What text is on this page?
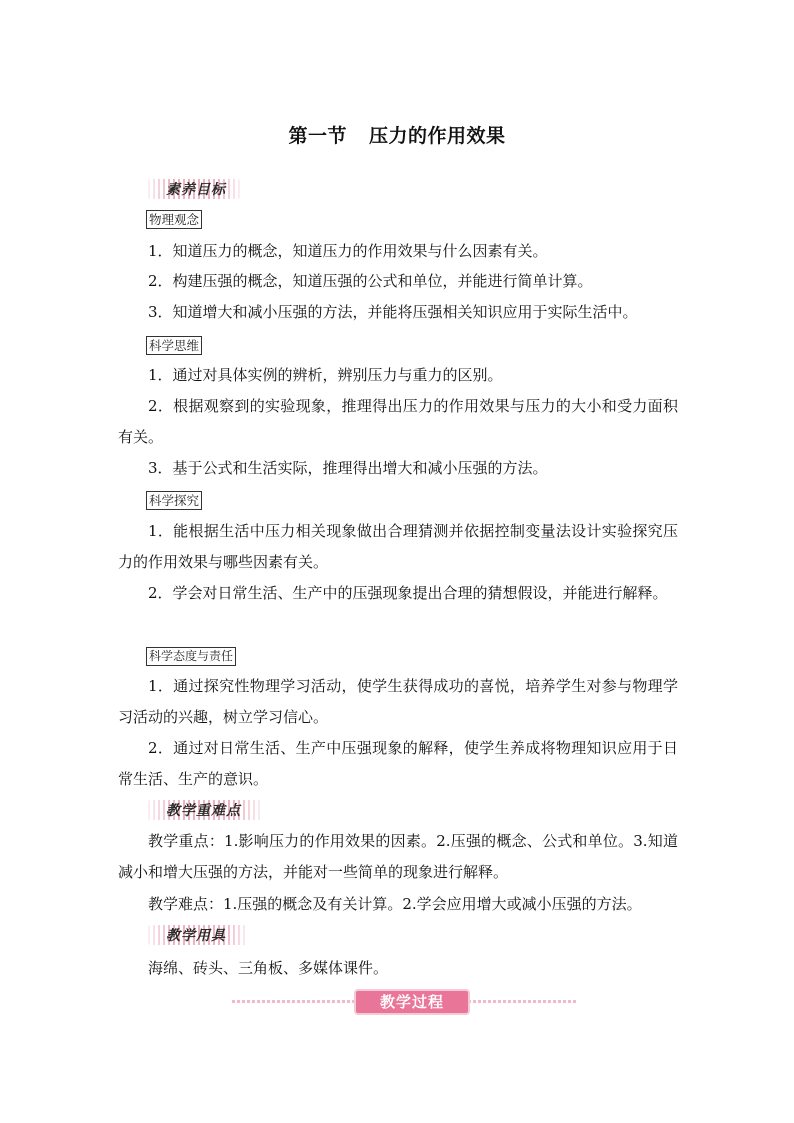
第一节 压力的作用效果
素养目标
物理观念
1．知道压力的概念，知道压力的作用效果与什么因素有关。
2．构建压强的概念，知道压强的公式和单位，并能进行简单计算。
3．知道增大和减小压强的方法，并能将压强相关知识应用于实际生活中。
科学思维
1．通过对具体实例的辨析，辨别压力与重力的区别。
2．根据观察到的实验现象，推理得出压力的作用效果与压力的大小和受力面积有关。
3．基于公式和生活实际，推理得出增大和减小压强的方法。
科学探究
1．能根据生活中压力相关现象做出合理猜测并依据控制变量法设计实验探究压力的作用效果与哪些因素有关。
2．学会对日常生活、生产中的压强现象提出合理的猜想假设，并能进行解释。
科学态度与责任
1．通过探究性物理学习活动，使学生获得成功的喜悦，培养学生对参与物理学习活动的兴趣，树立学习信心。
2．通过对日常生活、生产中压强现象的解释，使学生养成将物理知识应用于日常生活、生产的意识。
教学重难点
教学重点：1.影响压力的作用效果的因素。2.压强的概念、公式和单位。3.知道减小和增大压强的方法，并能对一些简单的现象进行解释。
教学难点：1.压强的概念及有关计算。2.学会应用增大或减小压强的方法。
教学用具
海绵、砖头、三角板、多媒体课件。
教学过程
